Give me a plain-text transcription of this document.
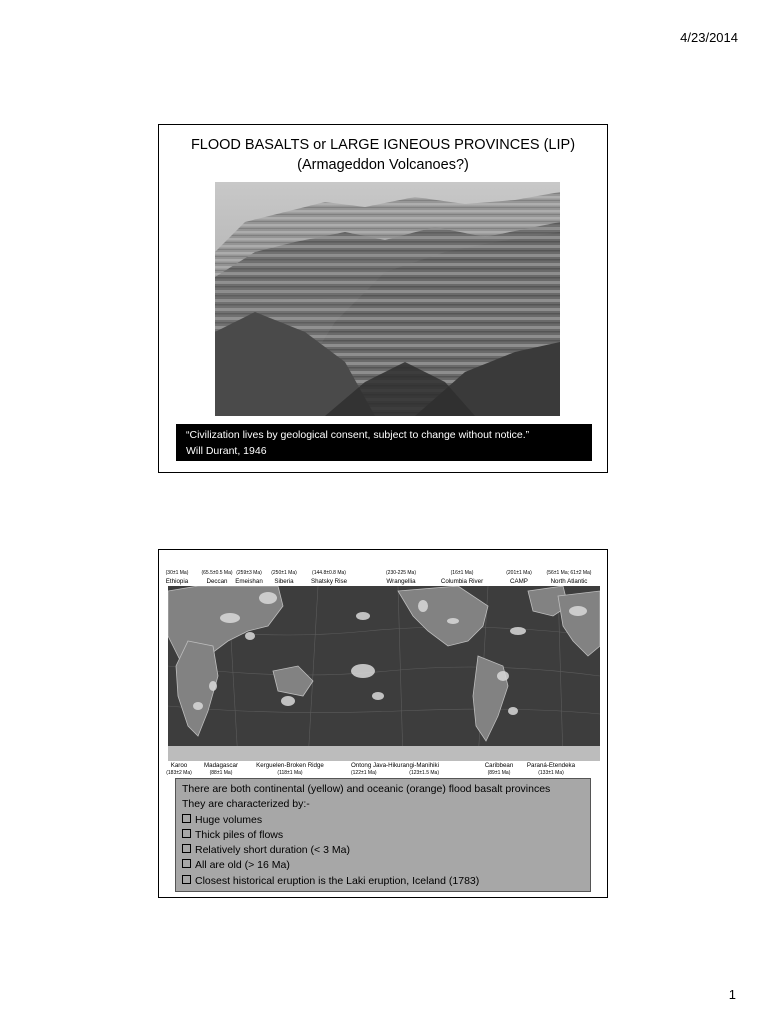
4/23/2014
FLOOD BASALTS or LARGE IGNEOUS PROVINCES (LIP)
(Armageddon Volcanoes?)
“Civilization lives by geological consent, subject to change without notice.”
Will Durant, 1946
(30±1 Ma)
Ethiopia
(65.5±0.5 Ma)
Deccan
(259±3 Ma)
Emeishan
(250±1 Ma)
Siberia
(144.8±0.8 Ma)
Shatsky Rise
(230-225 Ma)
Wrangellia
(16±1 Ma)
Columbia River
(201±1 Ma)
CAMP
(56±1 Ma; 61±2 Ma)
North Atlantic
Karoo
(183±2 Ma)
Madagascar
(88±1 Ma)
Kerguelen-Broken Ridge
(118±1 Ma)
Ontong Java-Hikurangi-Manihiki
(122±1 Ma)	(123±1.5 Ma)
Caribbean
(89±1 Ma)
Paraná-Etendeka
(133±1 Ma)
There are both continental (yellow) and oceanic (orange) flood basalt provinces
They are characterized by:-
Huge volumes
Thick piles of flows
Relatively short duration (< 3 Ma)
All are old (> 16 Ma)
Closest historical eruption is the Laki eruption, Iceland (1783)
1
